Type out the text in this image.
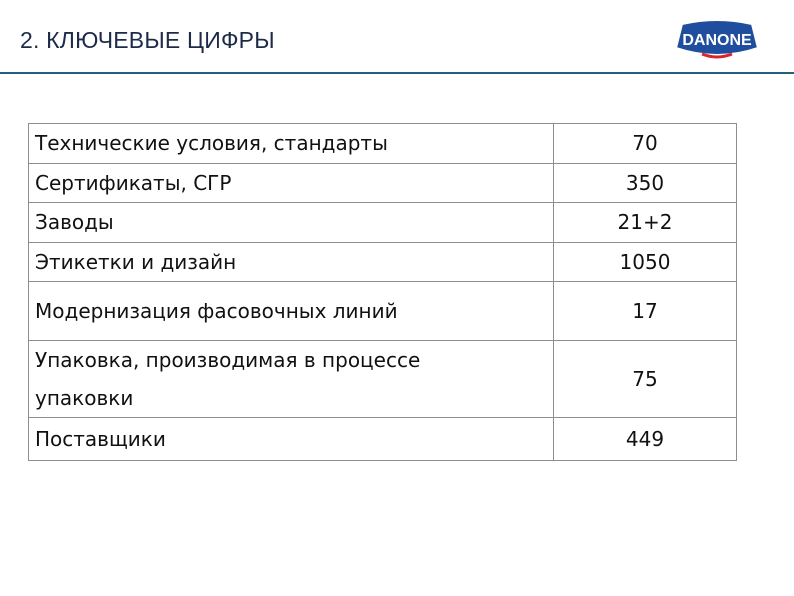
2. КЛЮЧЕВЫЕ ЦИФРЫ	DANONE
Технические условия, стандарты	70

Сертификаты, СГР	350

Заводы	21+2

Этикетки и дизайн	1050

Модернизация фасовочных линий	17

Упаковка, производимая в процессе
упаковки	75
Поставщики	449
